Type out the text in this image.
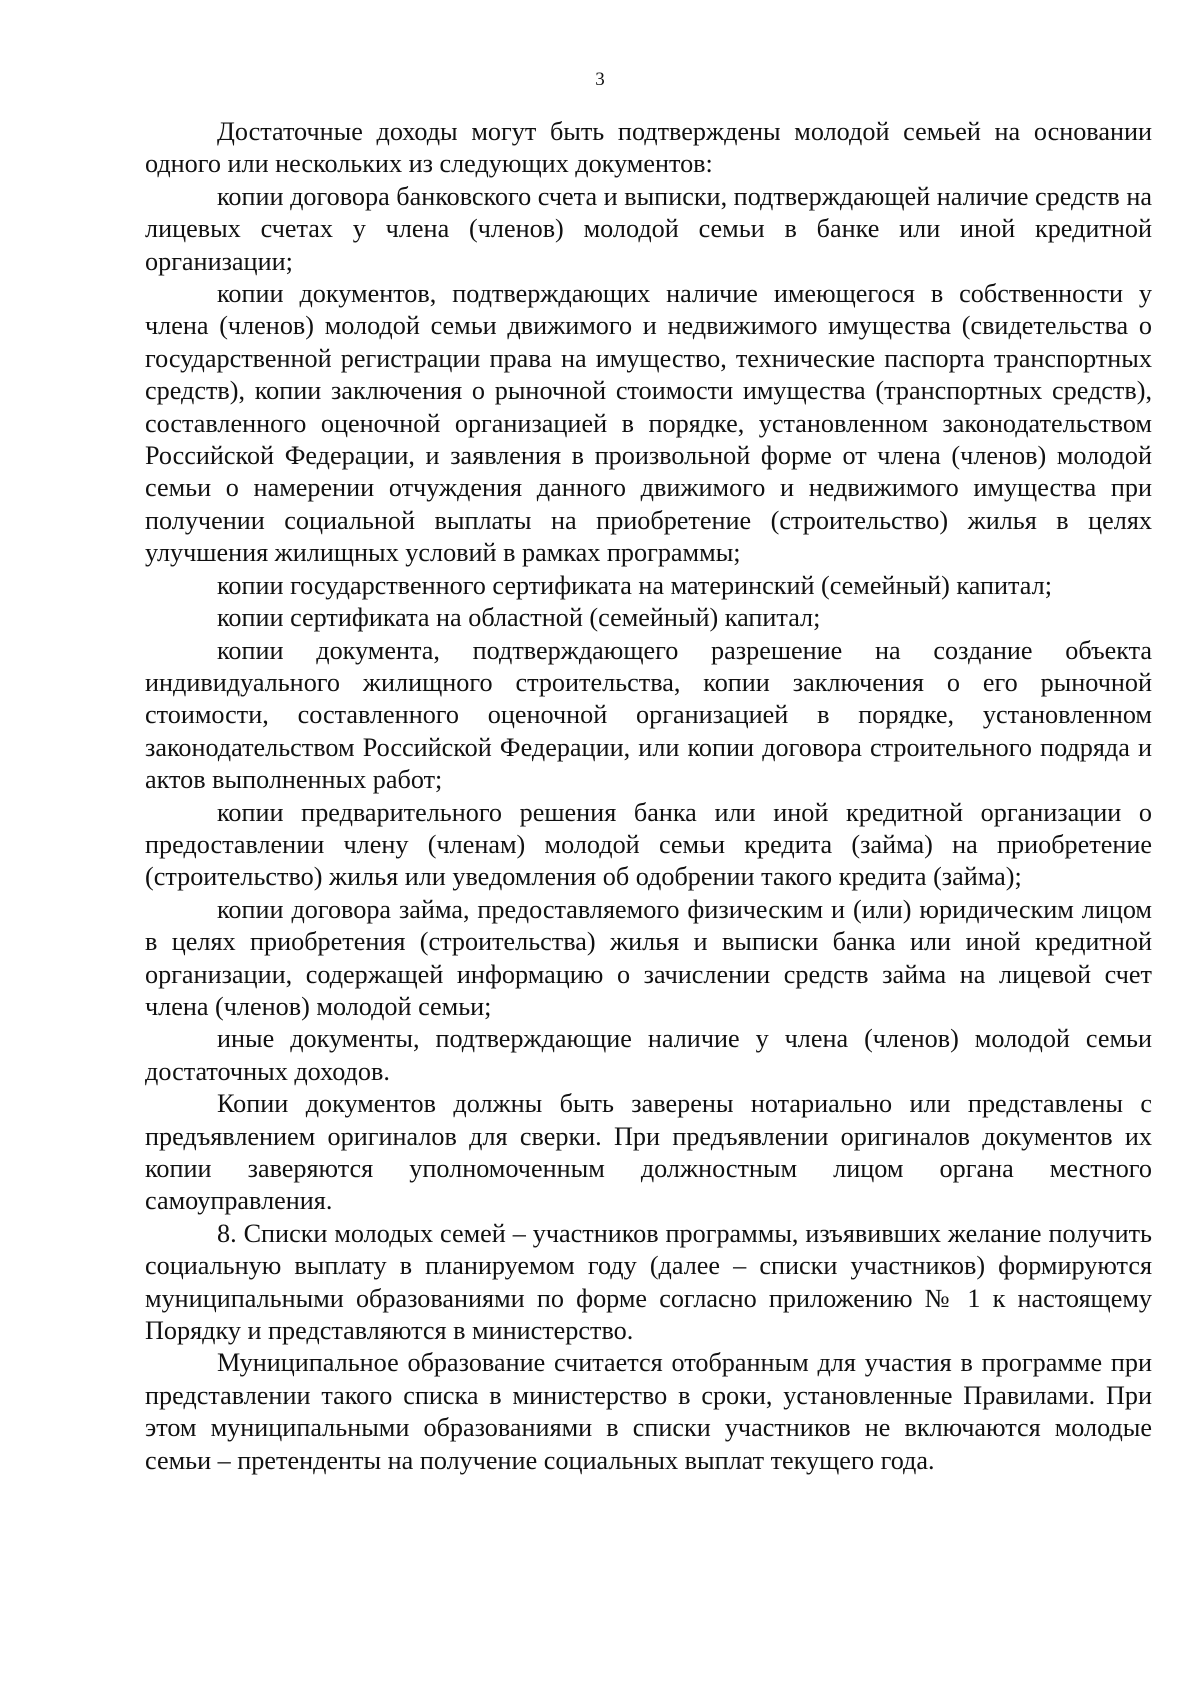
3

Достаточные доходы могут быть подтверждены молодой семьей на основании одного или нескольких из следующих документов:

копии договора банковского счета и выписки, подтверждающей наличие средств на лицевых счетах у члена (членов) молодой семьи в банке или иной кредитной организации;

копии документов, подтверждающих наличие имеющегося в собственности у члена (членов) молодой семьи движимого и недвижимого имущества (свидетельства о государственной регистрации права на имущество, технические паспорта транспортных средств), копии заключения о рыночной стоимости имущества (транспортных средств), составленного оценочной организацией в порядке, установленном законодательством Российской Федерации, и заявления в произвольной форме от члена (членов) молодой семьи о намерении отчуждения данного движимого и недвижимого имущества при получении социальной выплаты на приобретение (строительство) жилья в целях улучшения жилищных условий в рамках программы;

копии государственного сертификата на материнский (семейный) капитал;

копии сертификата на областной (семейный) капитал;

копии документа, подтверждающего разрешение на создание объекта индивидуального жилищного строительства, копии заключения о его рыночной стоимости, составленного оценочной организацией в порядке, установленном законодательством Российской Федерации, или копии договора строительного подряда и актов выполненных работ;

копии предварительного решения банка или иной кредитной организации о предоставлении члену (членам) молодой семьи кредита (займа) на приобретение (строительство) жилья или уведомления об одобрении такого кредита (займа);

копии договора займа, предоставляемого физическим и (или) юридическим лицом в целях приобретения (строительства) жилья и выписки банка или иной кредитной организации, содержащей информацию о зачислении средств займа на лицевой счет члена (членов) молодой семьи;

иные документы, подтверждающие наличие у члена (членов) молодой семьи достаточных доходов.

Копии документов должны быть заверены нотариально или представлены с предъявлением оригиналов для сверки. При предъявлении оригиналов документов их копии заверяются уполномоченным должностным лицом органа местного самоуправления.

8. Списки молодых семей – участников программы, изъявивших желание получить социальную выплату в планируемом году (далее – списки участников) формируются муниципальными образованиями по форме согласно приложению № 1 к настоящему Порядку и представляются в министерство.

Муниципальное образование считается отобранным для участия в программе при представлении такого списка в министерство в сроки, установленные Правилами. При этом муниципальными образованиями в списки участников не включаются молодые семьи – претенденты на получение социальных выплат текущего года.
